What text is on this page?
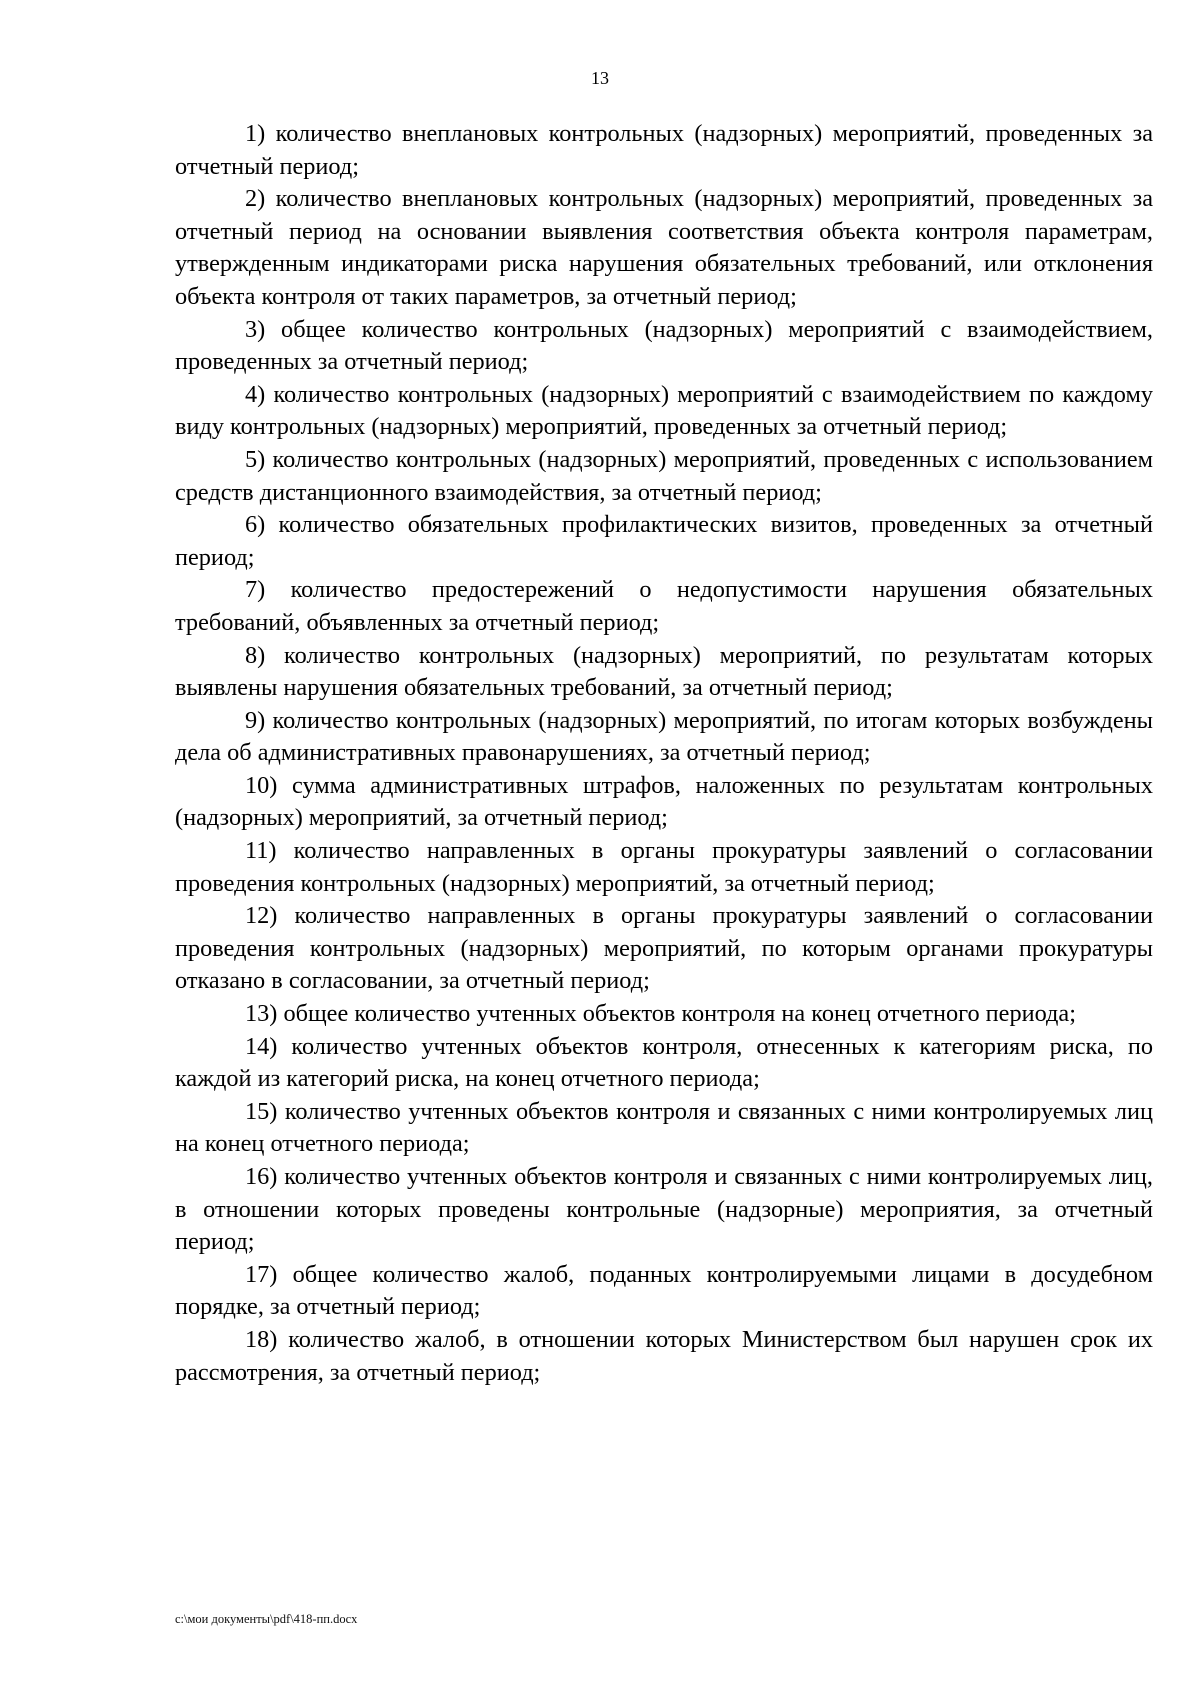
13

1) количество внеплановых контрольных (надзорных) мероприятий, проведенных за отчетный период;

2) количество внеплановых контрольных (надзорных) мероприятий, проведенных за отчетный период на основании выявления соответствия объекта контроля параметрам, утвержденным индикаторами риска нарушения обязательных требований, или отклонения объекта контроля от таких параметров, за отчетный период;

3) общее количество контрольных (надзорных) мероприятий с взаимодействием, проведенных за отчетный период;

4) количество контрольных (надзорных) мероприятий с взаимодействием по каждому виду контрольных (надзорных) мероприятий, проведенных за отчетный период;

5) количество контрольных (надзорных) мероприятий, проведенных с использованием средств дистанционного взаимодействия, за отчетный период;

6) количество обязательных профилактических визитов, проведенных за отчетный период;

7) количество предостережений о недопустимости нарушения обязательных требований, объявленных за отчетный период;

8) количество контрольных (надзорных) мероприятий, по результатам которых выявлены нарушения обязательных требований, за отчетный период;

9) количество контрольных (надзорных) мероприятий, по итогам которых возбуждены дела об административных правонарушениях, за отчетный период;

10) сумма административных штрафов, наложенных по результатам контрольных (надзорных) мероприятий, за отчетный период;

11) количество направленных в органы прокуратуры заявлений о согласовании проведения контрольных (надзорных) мероприятий, за отчетный период;

12) количество направленных в органы прокуратуры заявлений о согласовании проведения контрольных (надзорных) мероприятий, по которым органами прокуратуры отказано в согласовании, за отчетный период;

13) общее количество учтенных объектов контроля на конец отчетного периода;

14) количество учтенных объектов контроля, отнесенных к категориям риска, по каждой из категорий риска, на конец отчетного периода;

15) количество учтенных объектов контроля и связанных с ними контролируемых лиц на конец отчетного периода;

16) количество учтенных объектов контроля и связанных с ними контролируемых лиц, в отношении которых проведены контрольные (надзорные) мероприятия, за отчетный период;

17) общее количество жалоб, поданных контролируемыми лицами в досудебном порядке, за отчетный период;

18) количество жалоб, в отношении которых Министерством был нарушен срок их рассмотрения, за отчетный период;

c:\мои документы\pdf\418-пп.docx
